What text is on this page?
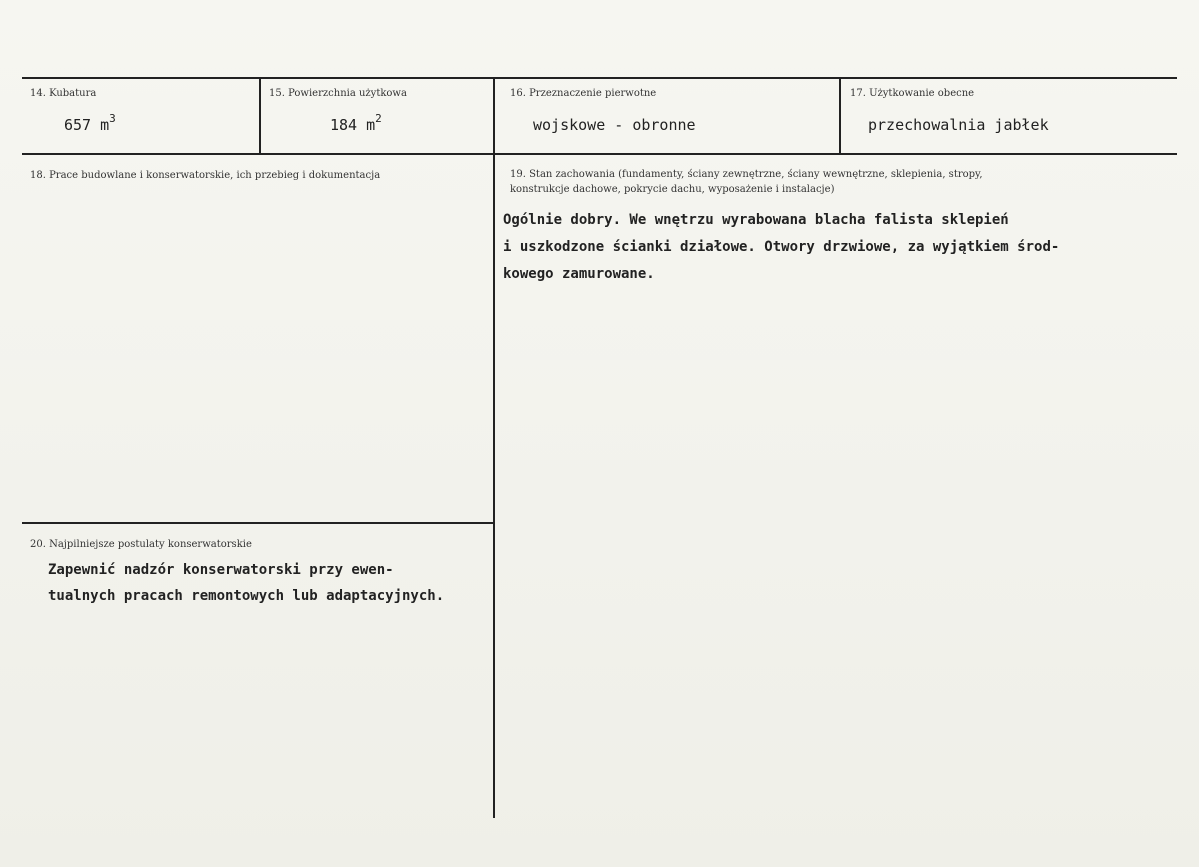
14. Kubatura
657 $m^3$
15. Powierzchnia użytkowa
184 $m^2$
16. Przeznaczenie pierwotne
wojskowe - obronne
17. Użytkowanie obecne
przechowalnia jabłek
18. Prace budowlane i konserwatorskie, ich przebieg i dokumentacja	19. Stan zachowania (fundamenty, ściany zewnętrzne, ściany wewnętrzne, sklepienia, stropy,
konstrukcje dachowe, pokrycie dachu, wyposażenie i instalacje)
Ogólnie dobry. We wnętrzu wyrabowana blacha falista sklepień
i uszkodzone ścianki działowe. Otwory drzwiowe, za wyjątkiem środ-
kowego zamurowane.
20. Najpilniejsze postulaty konserwatorskie
Zapewnić nadzór konserwatorski przy ewen-
tualnych pracach remontowych lub adaptacyjnych.
